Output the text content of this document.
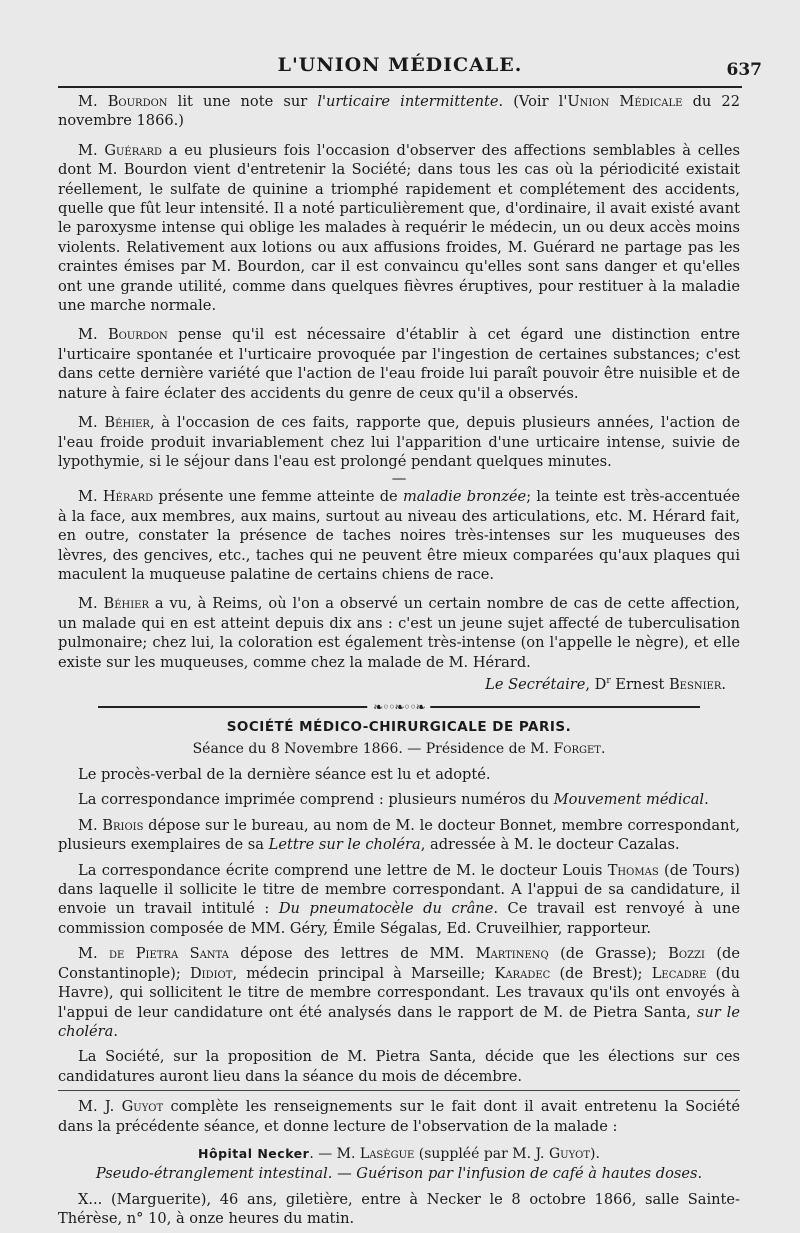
L'UNION MÉDICALE.	637

M. Bourdon lit une note sur l'urticaire intermittente. (Voir l'Union Médicale du 22 novembre 1866.)

M. Guérard a eu plusieurs fois l'occasion d'observer des affections semblables à celles dont M. Bourdon vient d'entretenir la Société; dans tous les cas où la périodicité existait réellement, le sulfate de quinine a triomphé rapidement et complétement des accidents, quelle que fût leur intensité. Il a noté particulièrement que, d'ordinaire, il avait existé avant le paroxysme intense qui oblige les malades à requérir le médecin, un ou deux accès moins violents. Relativement aux lotions ou aux affusions froides, M. Guérard ne partage pas les craintes émises par M. Bourdon, car il est convaincu qu'elles sont sans danger et qu'elles ont une grande utilité, comme dans quelques fièvres éruptives, pour restituer à la maladie une marche normale.

M. Bourdon pense qu'il est nécessaire d'établir à cet égard une distinction entre l'urticaire spontanée et l'urticaire provoquée par l'ingestion de certaines substances; c'est dans cette dernière variété que l'action de l'eau froide lui paraît pouvoir être nuisible et de nature à faire éclater des accidents du genre de ceux qu'il a observés.

M. Béhier, à l'occasion de ces faits, rapporte que, depuis plusieurs années, l'action de l'eau froide produit invariablement chez lui l'apparition d'une urticaire intense, suivie de lypothymie, si le séjour dans l'eau est prolongé pendant quelques minutes.

—

M. Hérard présente une femme atteinte de maladie bronzée; la teinte est très-accentuée à la face, aux membres, aux mains, surtout au niveau des articulations, etc. M. Hérard fait, en outre, constater la présence de taches noires très-intenses sur les muqueuses des lèvres, des gencives, etc., taches qui ne peuvent être mieux comparées qu'aux plaques qui maculent la muqueuse palatine de certains chiens de race.

M. Béhier a vu, à Reims, où l'on a observé un certain nombre de cas de cette affection, un malade qui en est atteint depuis dix ans : c'est un jeune sujet affecté de tuberculisation pulmonaire; chez lui, la coloration est également très-intense (on l'appelle le nègre), et elle existe sur les muqueuses, comme chez la malade de M. Hérard.

Le Secrétaire, $D^r$ Ernest Besnier.

❧◦◦❧◦◦❧

SOCIÉTÉ MÉDICO-CHIRURGICALE DE PARIS.

Séance du 8 Novembre 1866. — Présidence de M. Forget.

Le procès-verbal de la dernière séance est lu et adopté.

La correspondance imprimée comprend : plusieurs numéros du Mouvement médical.

M. Briois dépose sur le bureau, au nom de M. le docteur Bonnet, membre correspondant, plusieurs exemplaires de sa Lettre sur le choléra, adressée à M. le docteur Cazalas.

La correspondance écrite comprend une lettre de M. le docteur Louis Thomas (de Tours) dans laquelle il sollicite le titre de membre correspondant. A l'appui de sa candidature, il envoie un travail intitulé : Du pneumatocèle du crâne. Ce travail est renvoyé à une commission composée de MM. Géry, Émile Ségalas, Ed. Cruveilhier, rapporteur.

M. de Pietra Santa dépose des lettres de MM. Martinenq (de Grasse); Bozzi (de Constantinople); Didiot, médecin principal à Marseille; Karadec (de Brest); Lecadre (du Havre), qui sollicitent le titre de membre correspondant. Les travaux qu'ils ont envoyés à l'appui de leur candidature ont été analysés dans le rapport de M. de Pietra Santa, sur le choléra.

La Société, sur la proposition de M. Pietra Santa, décide que les élections sur ces candidatures auront lieu dans la séance du mois de décembre.

M. J. Guyot complète les renseignements sur le fait dont il avait entretenu la Société dans la précédente séance, et donne lecture de l'observation de la malade :

Hôpital Necker. — M. Lasègue (suppléé par M. J. Guyot).

Pseudo-étranglement intestinal. — Guérison par l'infusion de café à hautes doses.

X... (Marguerite), 46 ans, giletière, entre à Necker le 8 octobre 1866, salle Sainte-Thérèse, n° 10, à onze heures du matin.
